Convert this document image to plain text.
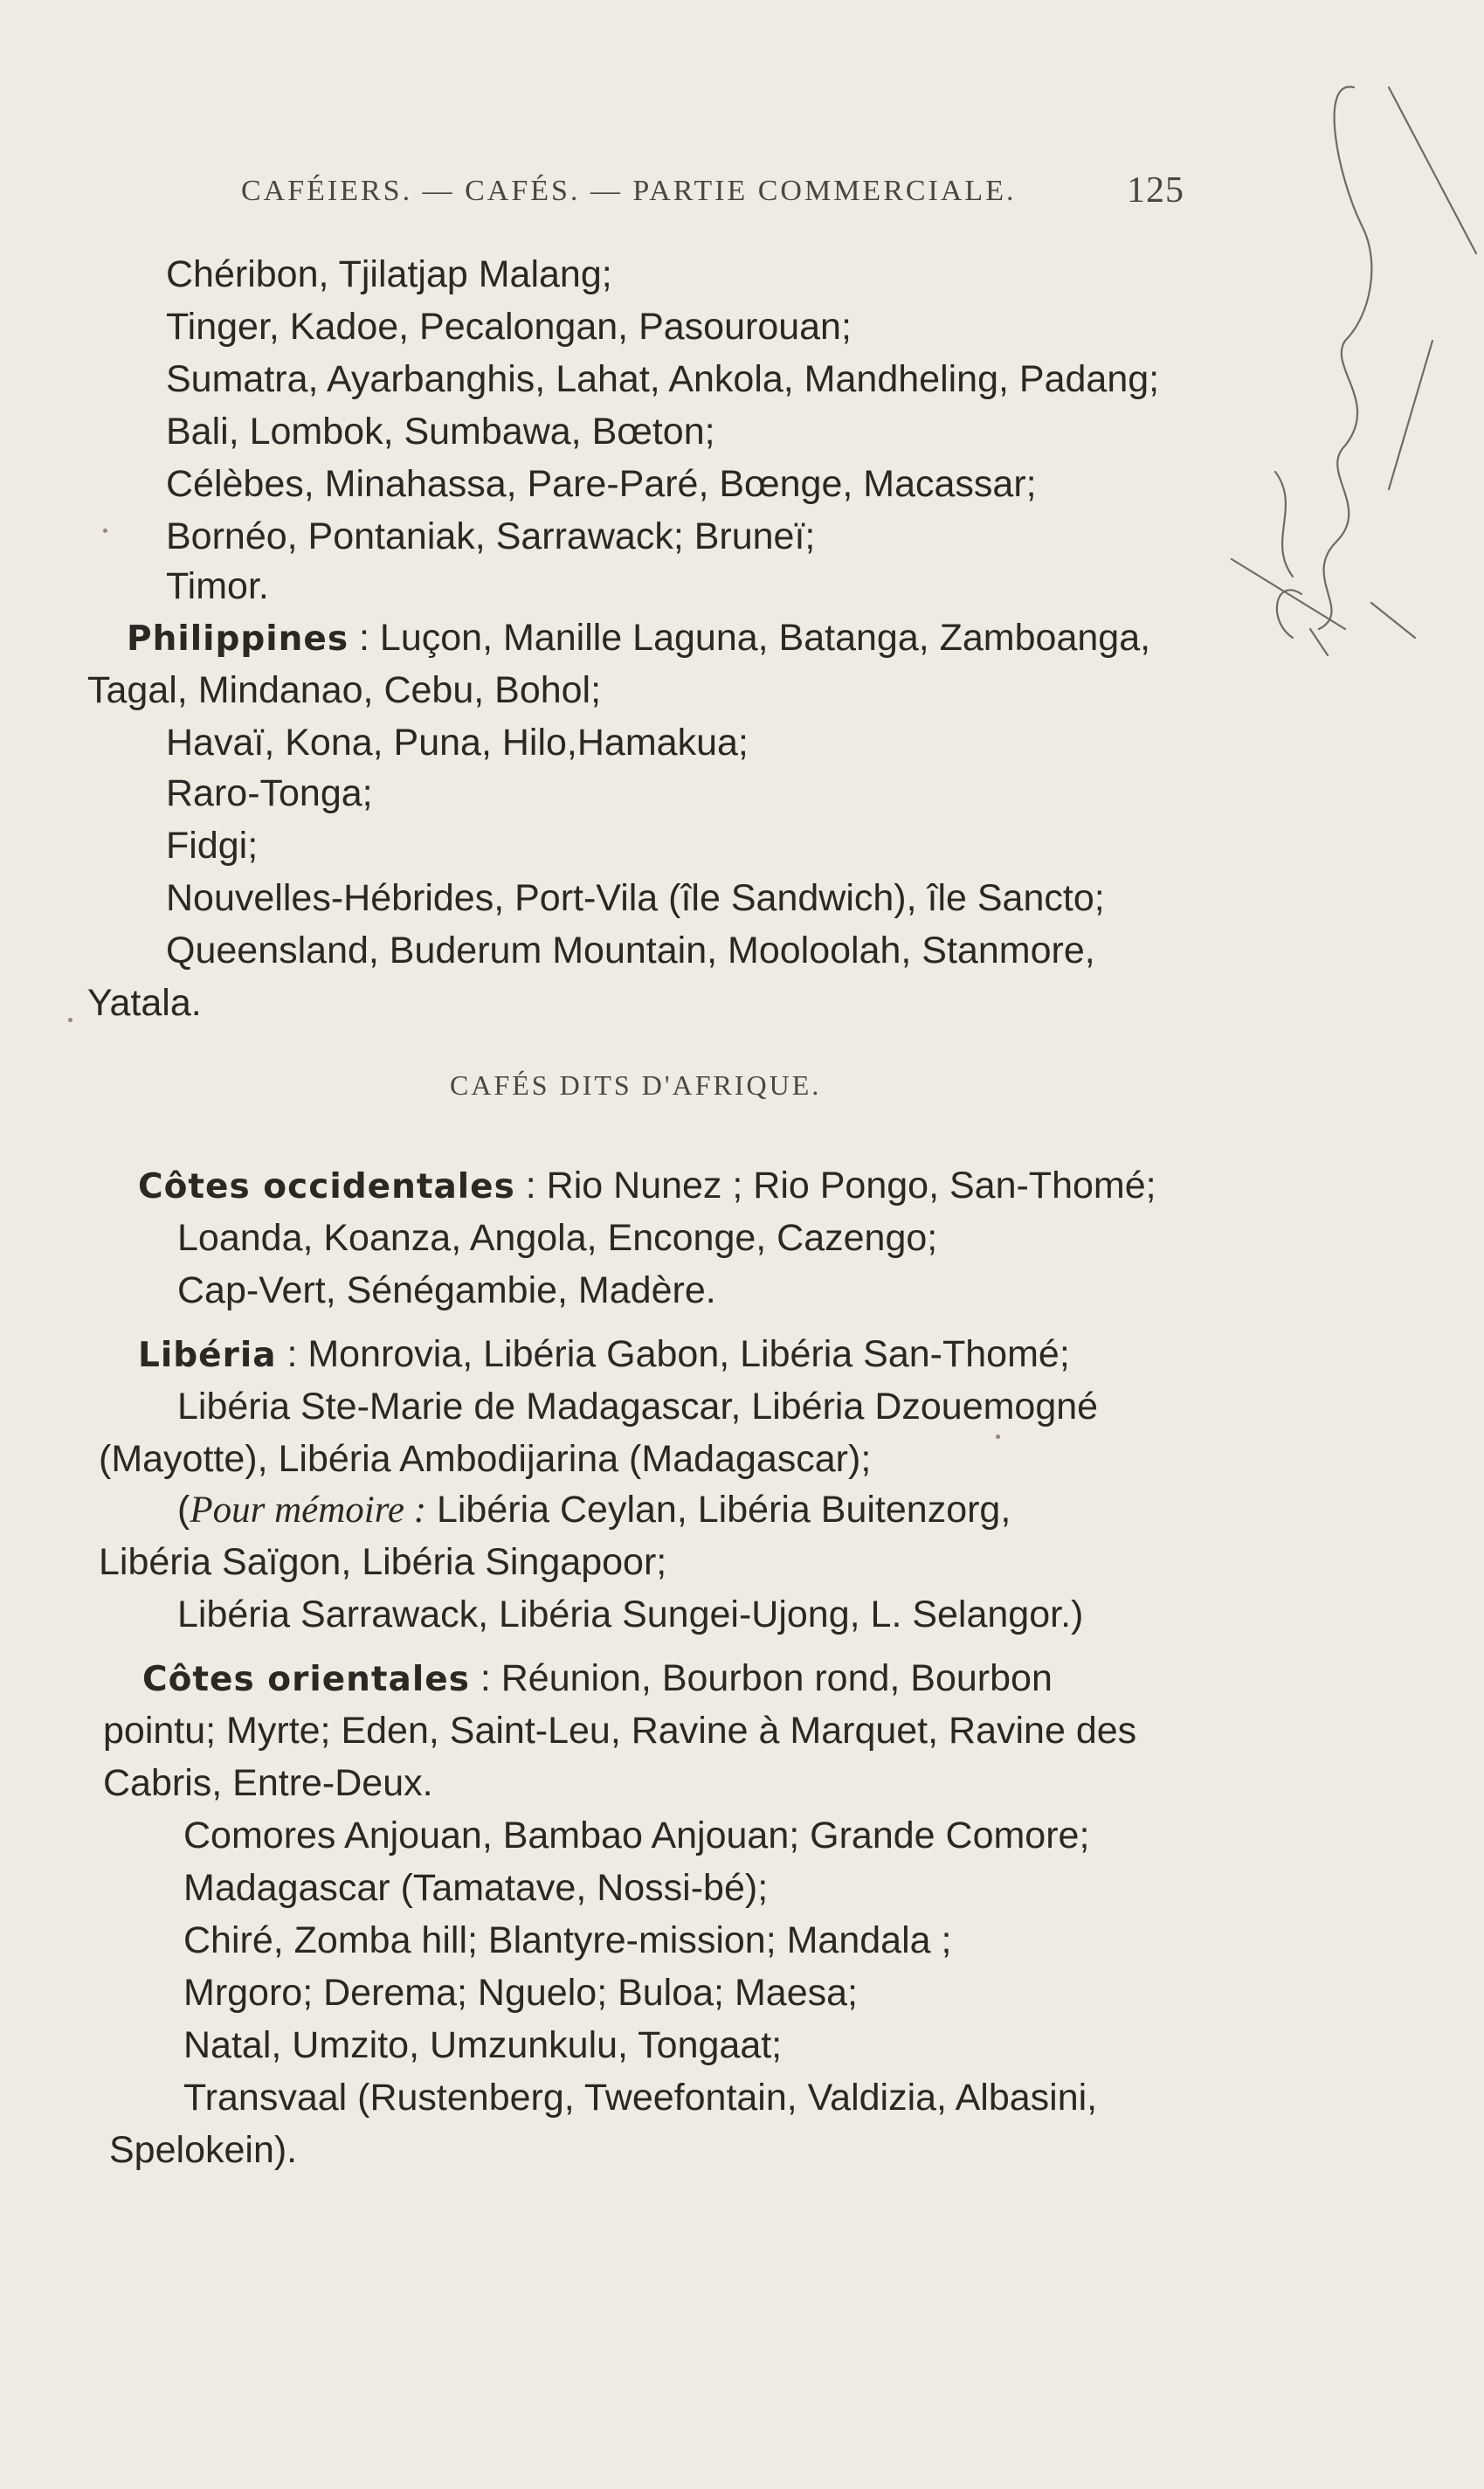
CAFÉIERS. — CAFÉS. — PARTIE COMMERCIALE.	125
Chéribon, Tjilatjap Malang;
Tinger, Kadoe, Pecalongan, Pasourouan;
Sumatra, Ayarbanghis, Lahat, Ankola, Mandheling, Padang;
Bali, Lombok, Sumbawa, Bœton;
Célèbes, Minahassa, Pare-Paré, Bœnge, Macassar;
Bornéo, Pontaniak, Sarrawack; Bruneï;
Timor.
Philippines : Luçon, Manille Laguna, Batanga, Zamboanga,
Tagal, Mindanao, Cebu, Bohol;
Havaï, Kona, Puna, Hilo,Hamakua;
Raro-Tonga;
Fidgi;
Nouvelles-Hébrides, Port-Vila (île Sandwich), île Sancto;
Queensland, Buderum Mountain, Mooloolah, Stanmore,
Yatala.
CAFÉS DITS D'AFRIQUE.
Côtes occidentales : Rio Nunez ; Rio Pongo, San-Thomé;
Loanda, Koanza, Angola, Enconge, Cazengo;
Cap-Vert, Sénégambie, Madère.
Libéria : Monrovia, Libéria Gabon, Libéria San-Thomé;
Libéria Ste-Marie de Madagascar, Libéria Dzouemogné
(Mayotte), Libéria Ambodijarina (Madagascar);
(Pour mémoire : Libéria Ceylan, Libéria Buitenzorg,
Libéria Saïgon, Libéria Singapoor;
Libéria Sarrawack, Libéria Sungei-Ujong, L. Selangor.)
Côtes orientales : Réunion, Bourbon rond, Bourbon
pointu; Myrte; Eden, Saint-Leu, Ravine à Marquet, Ravine des
Cabris, Entre-Deux.
Comores Anjouan, Bambao Anjouan; Grande Comore;
Madagascar (Tamatave, Nossi-bé);
Chiré, Zomba hill; Blantyre-mission; Mandala ;
Mrgoro; Derema; Nguelo; Buloa; Maesa;
Natal, Umzito, Umzunkulu, Tongaat;
Transvaal (Rustenberg, Tweefontain, Valdizia, Albasini,
Spelokein).
